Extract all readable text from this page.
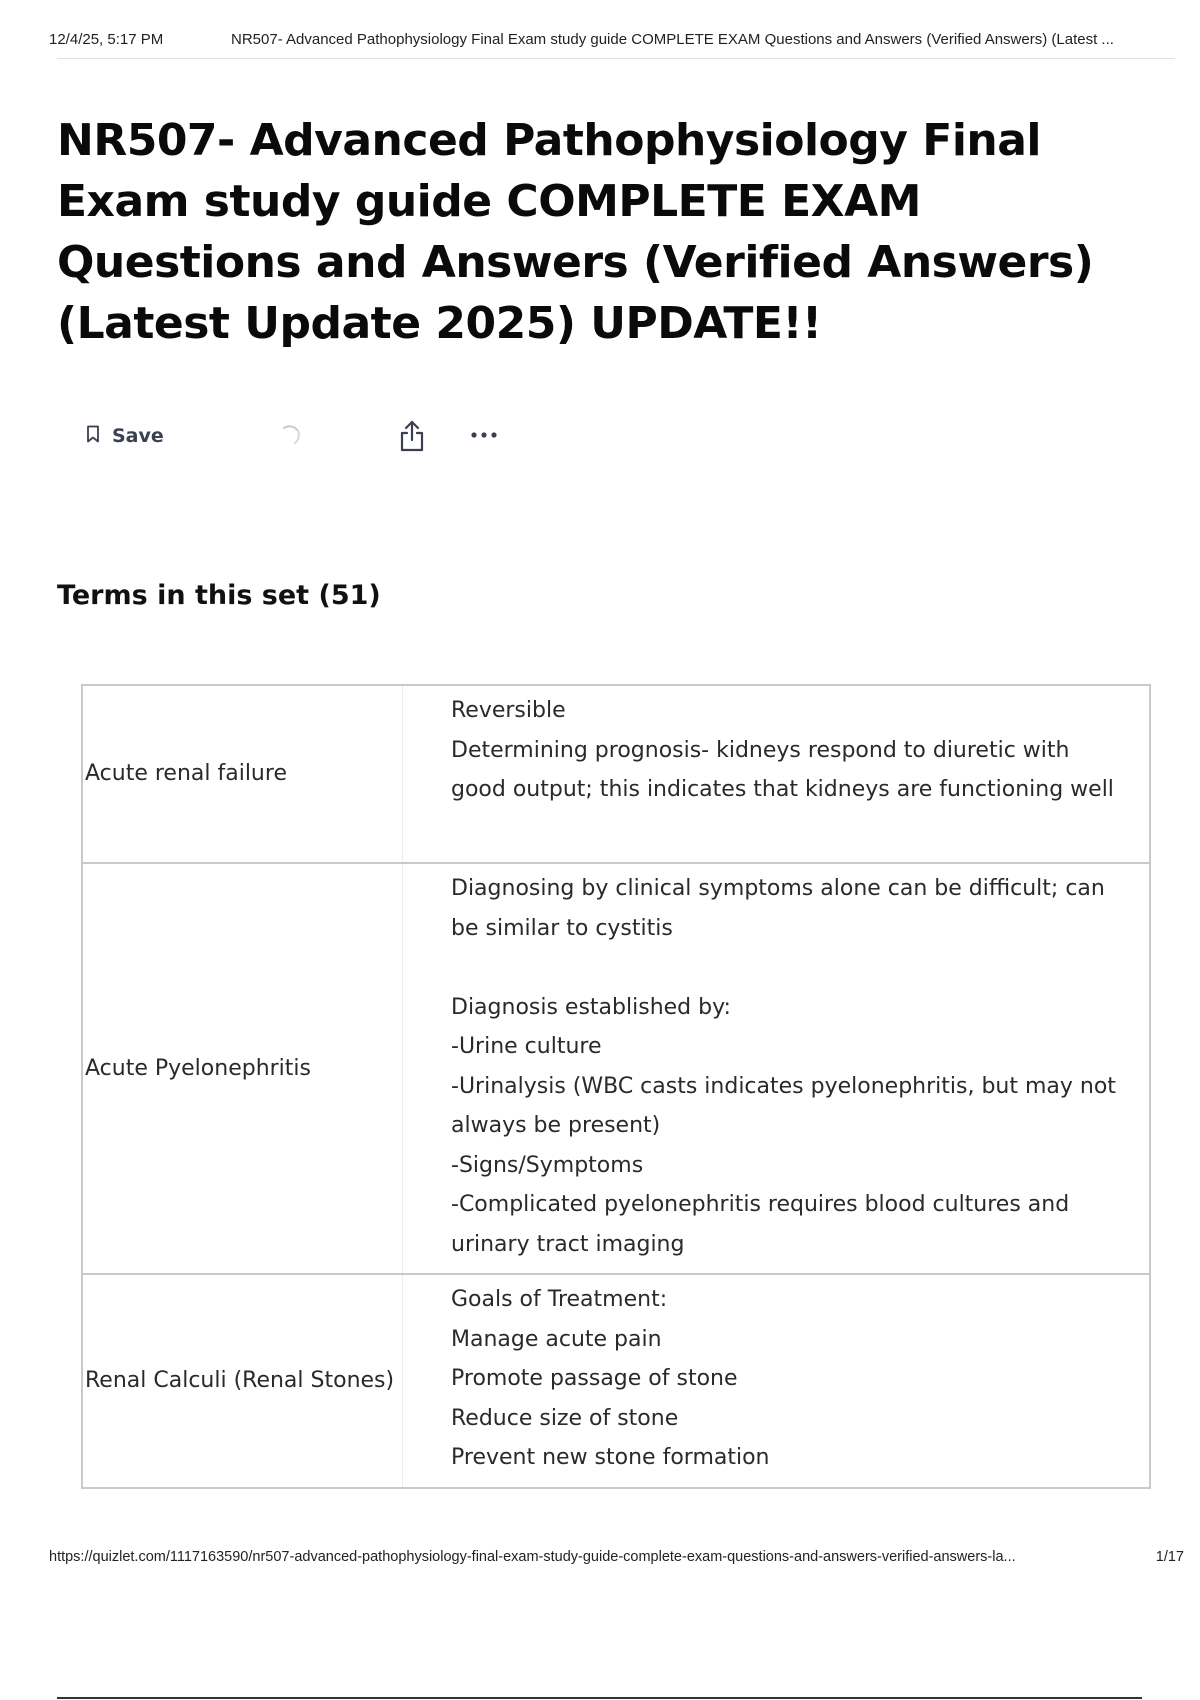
12/4/25, 5:17 PM	NR507- Advanced Pathophysiology Final Exam study guide COMPLETE EXAM Questions and Answers (Verified Answers) (Latest ...
NR507- Advanced Pathophysiology Final Exam study guide COMPLETE EXAM Questions and Answers (Verified Answers) (Latest Update 2025) UPDATE!!
Save
Terms in this set (51)
Acute renal failure
Reversible
Determining prognosis- kidneys respond to diuretic with good output; this indicates that kidneys are functioning well
Acute Pyelonephritis
Diagnosing by clinical symptoms alone can be difficult; can be similar to cystitis

Diagnosis established by:
-Urine culture
-Urinalysis (WBC casts indicates pyelonephritis, but may not always be present)
-Signs/Symptoms
-Complicated pyelonephritis requires blood cultures and urinary tract imaging
Renal Calculi (Renal Stones)
Goals of Treatment:
Manage acute pain
Promote passage of stone
Reduce size of stone
Prevent new stone formation
https://quizlet.com/1117163590/nr507-advanced-pathophysiology-final-exam-study-guide-complete-exam-questions-and-answers-verified-answers-la...	1/17
